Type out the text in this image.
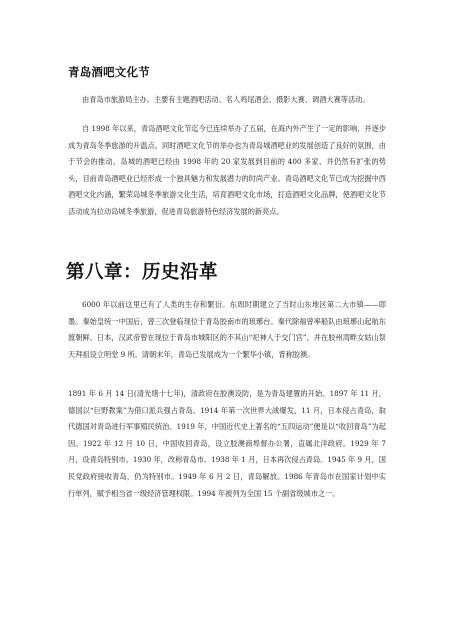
青岛酒吧文化节

由青岛市旅游局主办。主要有主题酒吧活动、名人鸡尾酒会、摄影大赛、调酒大赛等活动。

自 1998 年以来，青岛酒吧文化节迄今已连续举办了五届，在海内外产生了一定的影响，并逐步成为青岛冬季旅游的升温点。同时酒吧文化节的举办也为青岛城酒吧业的发展创造了良好的氛围，由于节会的推动，岛城的酒吧已经由 1998 年的 20 家发展到目前的 400 多家、并仍然有扩张的势头，目前青岛酒吧业已经形成一个独具魅力和发展潜力的时尚产业。青岛酒吧文化节已成为挖掘中西酒吧文化内涵，繁荣岛城冬季旅游文化生活，培育酒吧文化市场，打造酒吧文化品牌，使酒吧文化节活动成为拉动岛城冬季旅游，促进青岛旅游特色经济发展的新亮点。

第八章：历史沿革

6000 年以前这里已有了人类的生存和繁衍。东周时期建立了当时山东地区第二大市镇——即墨。秦始皇统一中国后，曾三次登临现位于青岛胶南市的琅琊台。秦代除福曾率船队由琅琊山起航东渡朝鲜、日本，汉武帝曾在现位于青岛市城阳区的不其山“祀神人于交门宫”，并在胶州湾畔女姑山祭天拜祖设立明堂 9 所。清朝末年，青岛已发展成为一个繁华小镇，背称胶澳。

1891 年 6 月 14 日(清光绪十七年)，清政府在胶澳设防，是为青岛建置的开始。1897 年 11 月，德国以“巨野教案”为借口派兵强占青岛。1914 年第一次世界大战爆发，11 月，日本侵占青岛，取代德国对青岛进行军事殖民统治。1919 年，中国近代史上著名的“五四运动”便是以“收回青岛”为起因。1922 年 12 月 10 日，中国收回青岛，设立胶澳商埠督办公署，直属北洋政府。1929 年 7 月，设青岛特别市。1930 年，改称青岛市。1938 年 1 月，日本再次侵占青岛。1945 年 9 月，国民党政府接收青岛，仍为特别市。1949 年 6 月 2 日，青岛解放。1986 年青岛市在国家计划中实行单列，赋予相当省一级经济管理权限。1994 年被列为全国 15 个副省级城市之一。
